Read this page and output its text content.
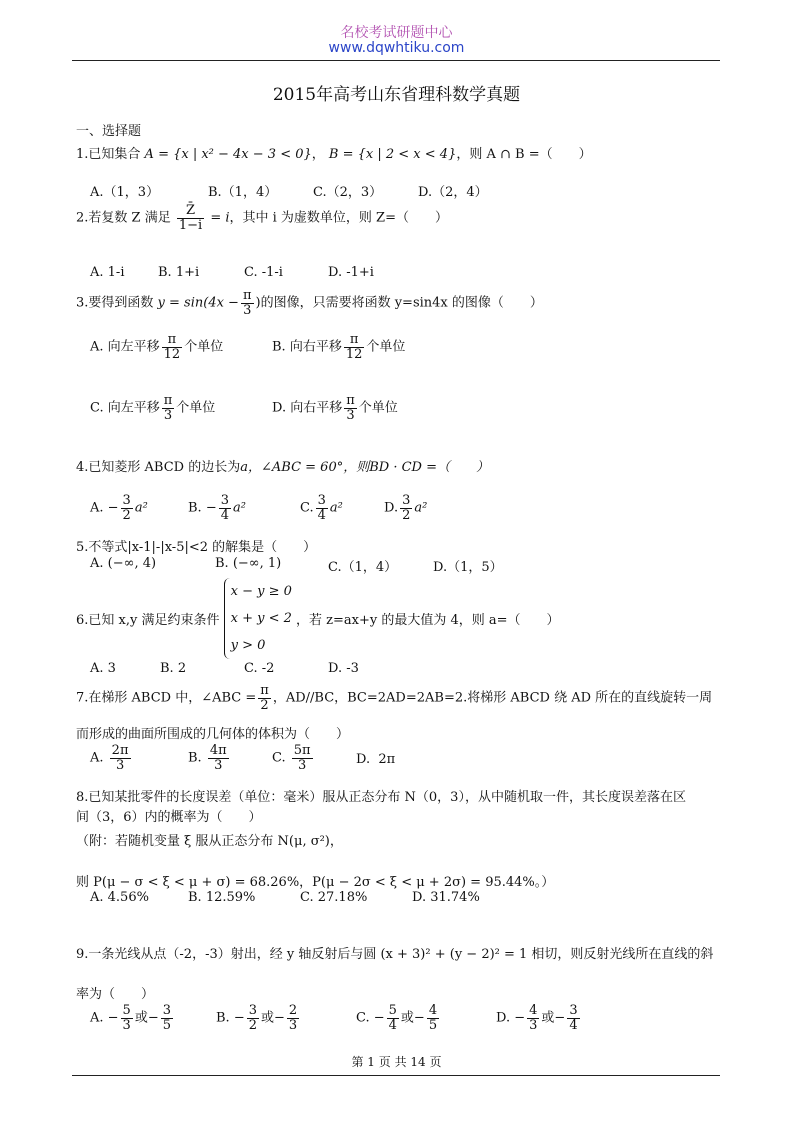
名校考试研题中心
www.dqwhtiku.com
2015年高考山东省理科数学真题
一、选择题
1.已知集合 A = {x | x² − 4x − 3 < 0}， B = {x | 2 < x < 4}，则 A ∩ B =（　　）
A.（1，3）	B.（1，4）	C.（2，3）	D.（2，4）
2.若复数 Z 满足 $\frac{Z̄}{1-i} = i$，其中 i 为虚数单位，则 Z=（　　）
A. 1-i	B. 1+i	C. -1-i	D. -1+i
3.要得到函数 $y = \sin(4x - \frac{\pi}{3}$ )的图像，只需要将函数 y=sin4x 的图像（　　）
A. 向左平移 $\frac{\pi}{12}$ 个单位	B. 向右平移 $\frac{\pi}{12}$ 个单位
C. 向左平移 $\frac{\pi}{3}$ 个单位	D. 向右平移 $\frac{\pi}{3}$ 个单位
4.已知菱形 ABCD 的边长为a，∠ABC = 60°，则BD · CD =（　　）
A. − $\frac{3}{2} a^2$	B. − $\frac{3}{4} a^2$	C. $\frac{3}{4} a^2$	D. $\frac{3}{2} a^2$
5.不等式|x-1|-|x-5|<2 的解集是（　　）
A. (−∞, 4)	B. (−∞, 1)	C.（1，4）	D.（1，5）
6.已知 x,y 满足约束条件
x − y ≥ 0
x + y < 2
y > 0
，若 z=ax+y 的最大值为 4，则 a=（　　）
A. 3	B. 2	C. -2	D. -3
7.在梯形 ABCD 中，∠ABC = $\frac{\pi}{2}$ ，AD//BC，BC=2AD=2AB=2.将梯形 ABCD 绕 AD 所在的直线旋转一周
而形成的曲面所围成的几何体的体积为（　　）
A. $\frac{2\pi}{3}$	B. $\frac{4\pi}{3}$	C. $\frac{5\pi}{3}$	D. 2π
8.已知某批零件的长度误差（单位：毫米）服从正态分布 N（0，3），从中随机取一件，其长度误差落在区
间（3，6）内的概率为（　　）
（附：若随机变量 ξ 服从正态分布 N(μ, σ²)，
则 P(μ − σ < ξ < μ + σ) = 68.26%，P(μ − 2σ < ξ < μ + 2σ) = 95.44%。）
A. 4.56%	B. 12.59%	C. 27.18%	D. 31.74%
9.一条光线从点（-2，-3）射出，经 y 轴反射后与圆 (x + 3)² + (y − 2)² = 1 相切，则反射光线所在直线的斜
率为（　　）
A. − $\frac{5}{3}$ 或− $\frac{3}{5}$	B. − $\frac{3}{2}$ 或− $\frac{2}{3}$	C. − $\frac{5}{4}$ 或− $\frac{4}{5}$	D. − $\frac{4}{3}$ 或− $\frac{3}{4}$
第 1 页 共 14 页
